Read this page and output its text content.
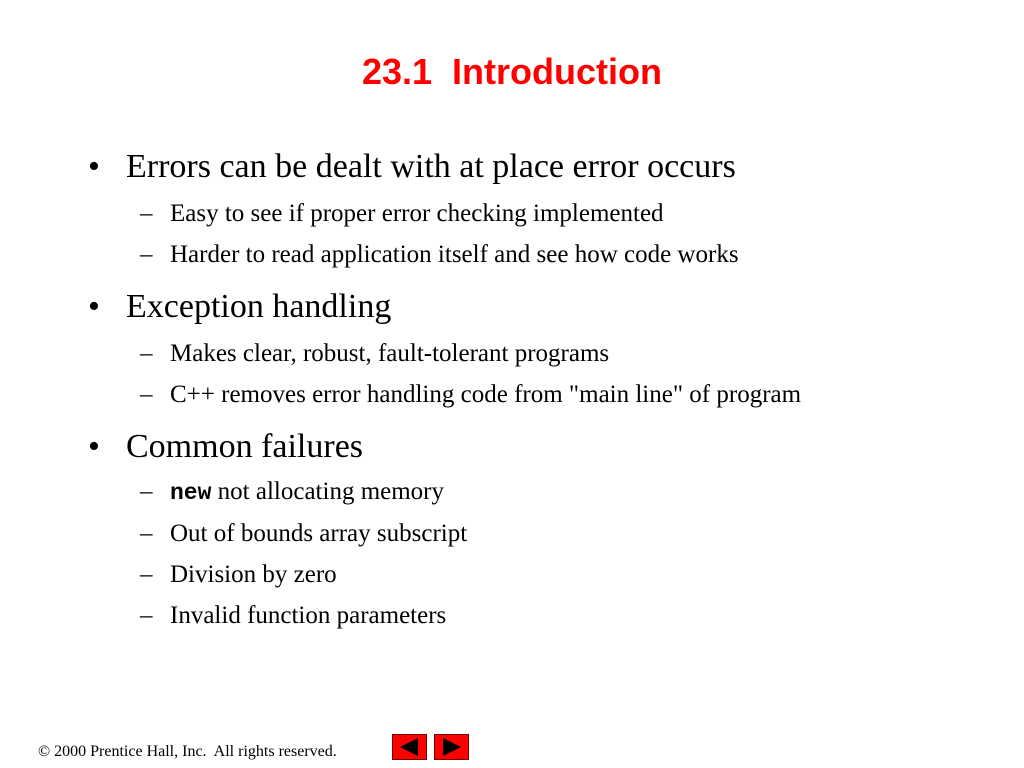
23.1  Introduction
• Errors can be dealt with at place error occurs
– Easy to see if proper error checking implemented
– Harder to read application itself and see how code works
• Exception handling
– Makes clear, robust, fault-tolerant programs
– C++ removes error handling code from "main line" of program
• Common failures
– new not allocating memory
– Out of bounds array subscript
– Division by zero
– Invalid function parameters
© 2000 Prentice Hall, Inc.  All rights reserved.
